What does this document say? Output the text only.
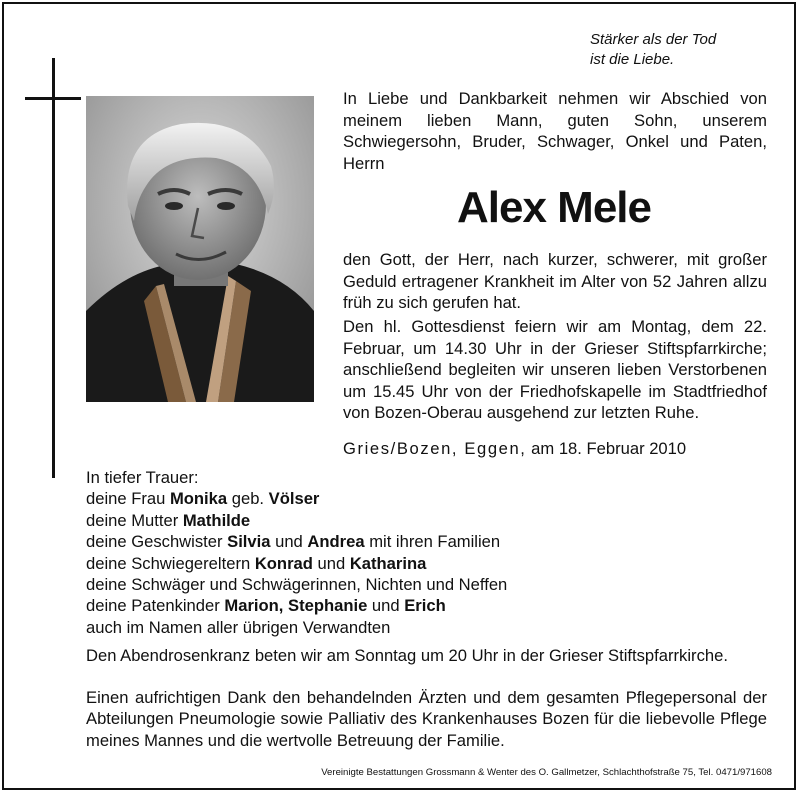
Stärker als der Tod
ist die Liebe.

In Liebe und Dankbarkeit nehmen wir Abschied von meinem lieben Mann, guten Sohn, unserem Schwiegersohn, Bruder, Schwager, Onkel und Paten, Herrn

Alex Mele

den Gott, der Herr, nach kurzer, schwerer, mit großer Geduld ertragener Krankheit im Alter von 52 Jahren allzu früh zu sich gerufen hat.

Den hl. Gottesdienst feiern wir am Montag, dem 22. Februar, um 14.30 Uhr in der Grieser Stiftspfarrkirche; anschließend begleiten wir unseren lieben Verstorbenen um 15.45 Uhr von der Friedhofskapelle im Stadtfriedhof von Bozen-Oberau ausgehend zur letzten Ruhe.

Gries/Bozen, Eggen, am 18. Februar 2010
In tiefer Trauer:
deine Frau Monika geb. Völser
deine Mutter Mathilde
deine Geschwister Silvia und Andrea mit ihren Familien
deine Schwiegereltern Konrad und Katharina
deine Schwäger und Schwägerinnen, Nichten und Neffen
deine Patenkinder Marion, Stephanie und Erich
auch im Namen aller übrigen Verwandten

Den Abendrosenkranz beten wir am Sonntag um 20 Uhr in der Grieser Stiftspfarrkirche.

Einen aufrichtigen Dank den behandelnden Ärzten und dem gesamten Pflegepersonal der Abteilungen Pneumologie sowie Palliativ des Krankenhauses Bozen für die liebevolle Pflege meines Mannes und die wertvolle Betreuung der Familie.

Vereinigte Bestattungen Grossmann & Wenter des O. Gallmetzer, Schlachthofstraße 75, Tel. 0471/971608
